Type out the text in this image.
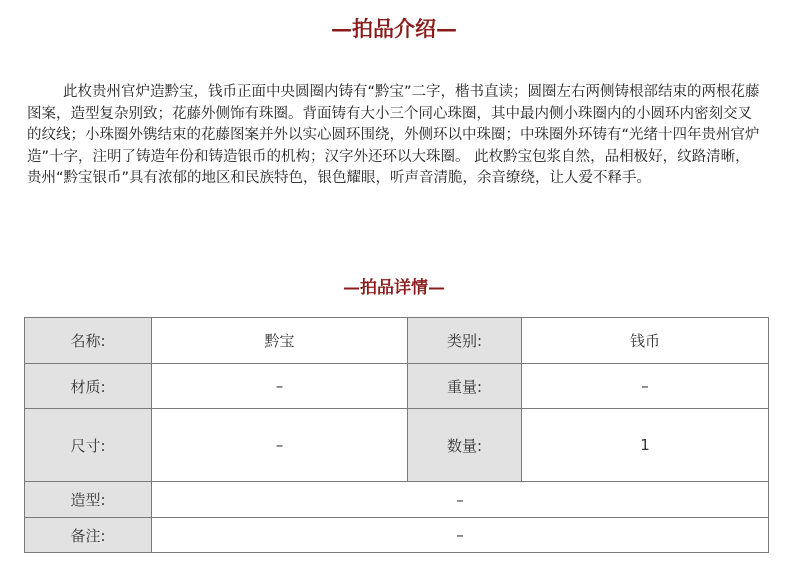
—拍品介绍—

此枚贵州官炉造黔宝，钱币正面中央圆圈内铸有“黔宝”二字，楷书直读；圆圈左右两侧铸根部结束的两根花藤图案，造型复杂别致；花藤外侧饰有珠圈。背面铸有大小三个同心珠圈，其中最内侧小珠圈内的小圆环内密刻交叉的纹线；小珠圈外镌结束的花藤图案并外以实心圆环围绕，外侧环以中珠圈；中珠圈外环铸有“光绪十四年贵州官炉造”十字，注明了铸造年份和铸造银币的机构；汉字外还环以大珠圈。 此枚黔宝包浆自然，品相极好，纹路清晰，贵州“黔宝银币”具有浓郁的地区和民族特色，银色耀眼，听声音清脆，余音缭绕，让人爱不释手。

—拍品详情—
名称:	黔宝	类别:	钱币
材质:	–	重量:	–
尺寸:	–	数量:	1
造型:	–		
备注:	–		
